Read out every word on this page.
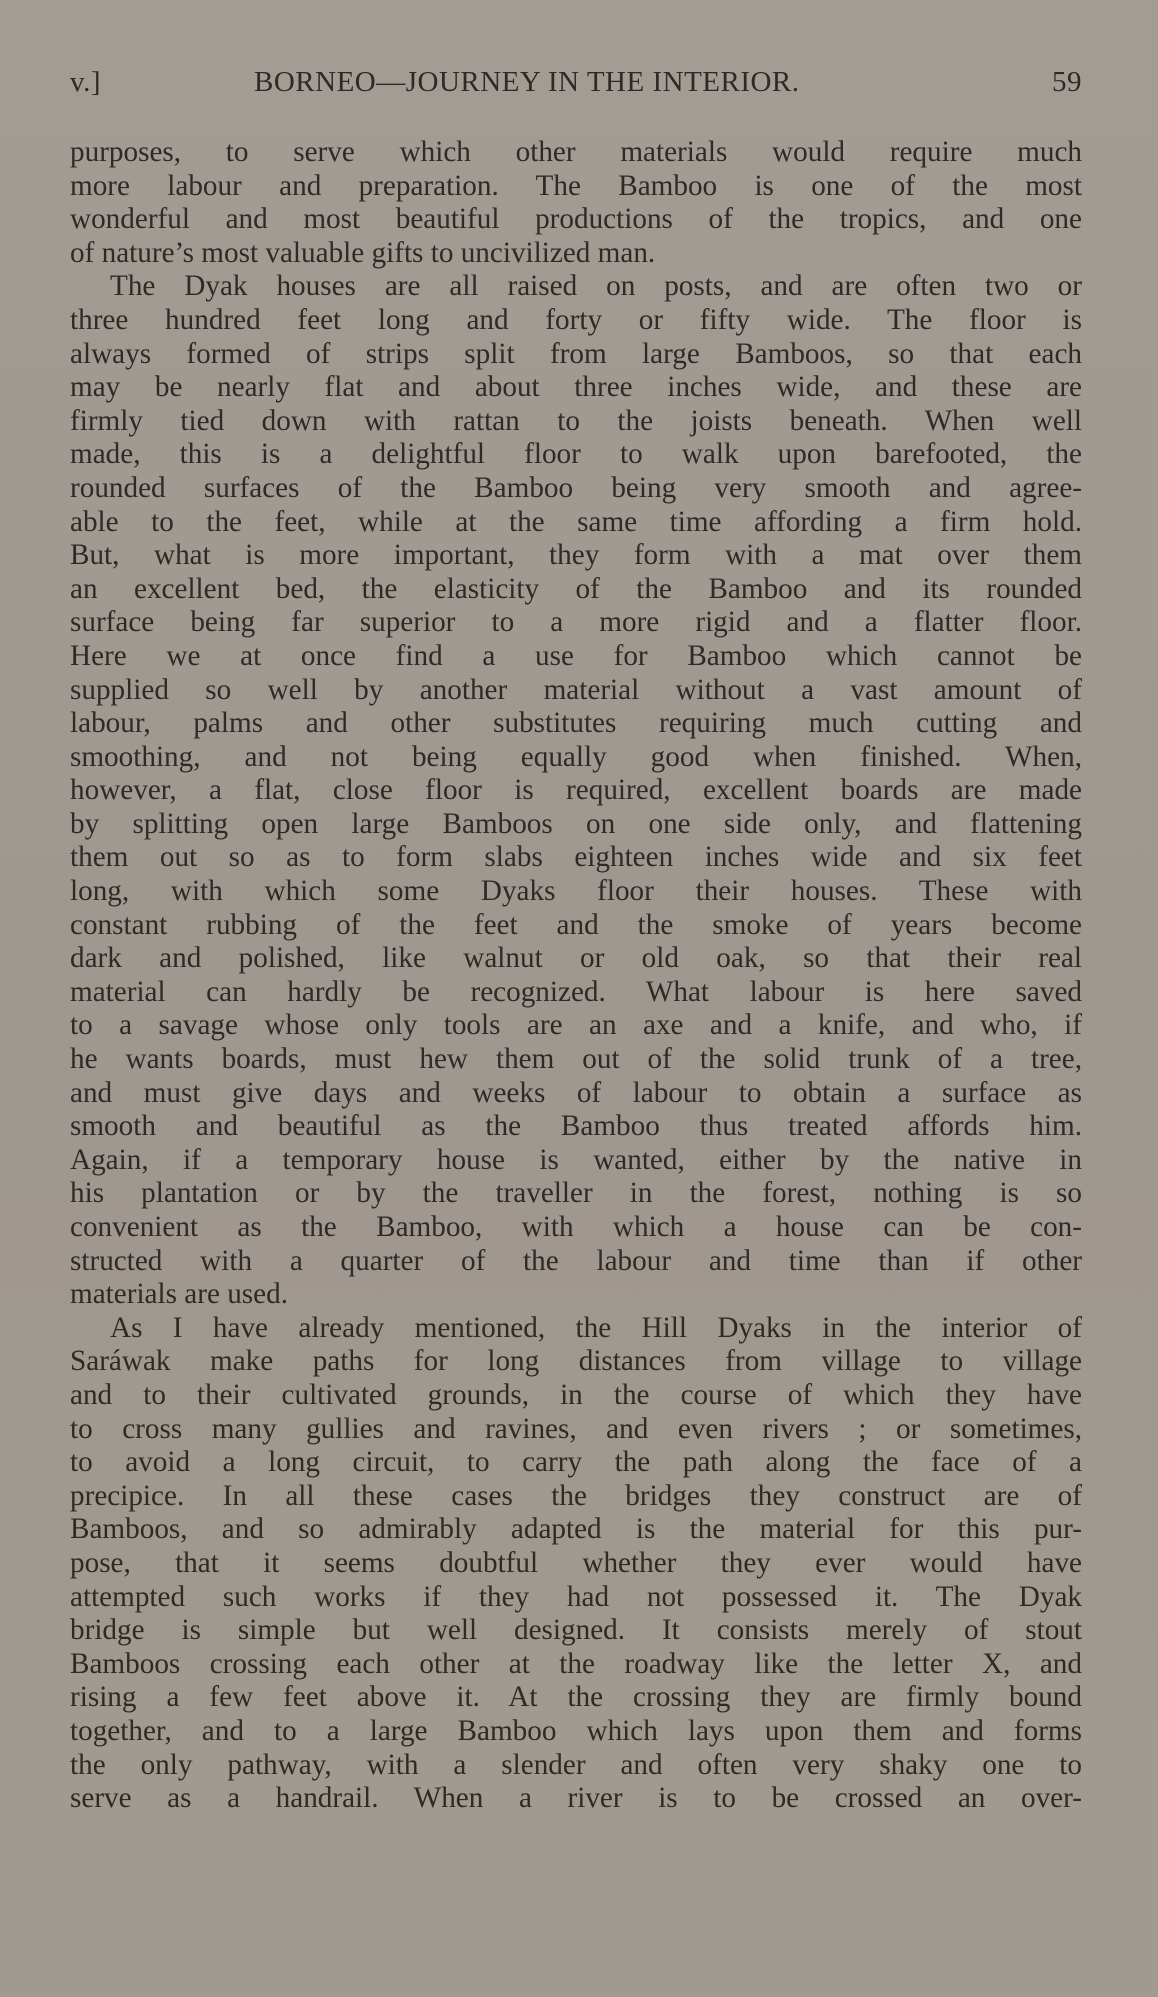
v.]	BORNEO—JOURNEY IN THE INTERIOR.	59
purposes, to serve which other materials would require much
more labour and preparation. The Bamboo is one of the most
wonderful and most beautiful productions of the tropics, and one
of nature’s most valuable gifts to uncivilized man.
The Dyak houses are all raised on posts, and are often two or
three hundred feet long and forty or fifty wide. The floor is
always formed of strips split from large Bamboos, so that each
may be nearly flat and about three inches wide, and these are
firmly tied down with rattan to the joists beneath. When well
made, this is a delightful floor to walk upon barefooted, the
rounded surfaces of the Bamboo being very smooth and agree-
able to the feet, while at the same time affording a firm hold.
But, what is more important, they form with a mat over them
an excellent bed, the elasticity of the Bamboo and its rounded
surface being far superior to a more rigid and a flatter floor.
Here we at once find a use for Bamboo which cannot be
supplied so well by another material without a vast amount of
labour, palms and other substitutes requiring much cutting and
smoothing, and not being equally good when finished. When,
however, a flat, close floor is required, excellent boards are made
by splitting open large Bamboos on one side only, and flattening
them out so as to form slabs eighteen inches wide and six feet
long, with which some Dyaks floor their houses. These with
constant rubbing of the feet and the smoke of years become
dark and polished, like walnut or old oak, so that their real
material can hardly be recognized. What labour is here saved
to a savage whose only tools are an axe and a knife, and who, if
he wants boards, must hew them out of the solid trunk of a tree,
and must give days and weeks of labour to obtain a surface as
smooth and beautiful as the Bamboo thus treated affords him.
Again, if a temporary house is wanted, either by the native in
his plantation or by the traveller in the forest, nothing is so
convenient as the Bamboo, with which a house can be con-
structed with a quarter of the labour and time than if other
materials are used.
As I have already mentioned, the Hill Dyaks in the interior of
Saráwak make paths for long distances from village to village
and to their cultivated grounds, in the course of which they have
to cross many gullies and ravines, and even rivers ; or sometimes,
to avoid a long circuit, to carry the path along the face of a
precipice. In all these cases the bridges they construct are of
Bamboos, and so admirably adapted is the material for this pur-
pose, that it seems doubtful whether they ever would have
attempted such works if they had not possessed it. The Dyak
bridge is simple but well designed. It consists merely of stout
Bamboos crossing each other at the roadway like the letter X, and
rising a few feet above it. At the crossing they are firmly bound
together, and to a large Bamboo which lays upon them and forms
the only pathway, with a slender and often very shaky one to
serve as a handrail. When a river is to be crossed an over-
